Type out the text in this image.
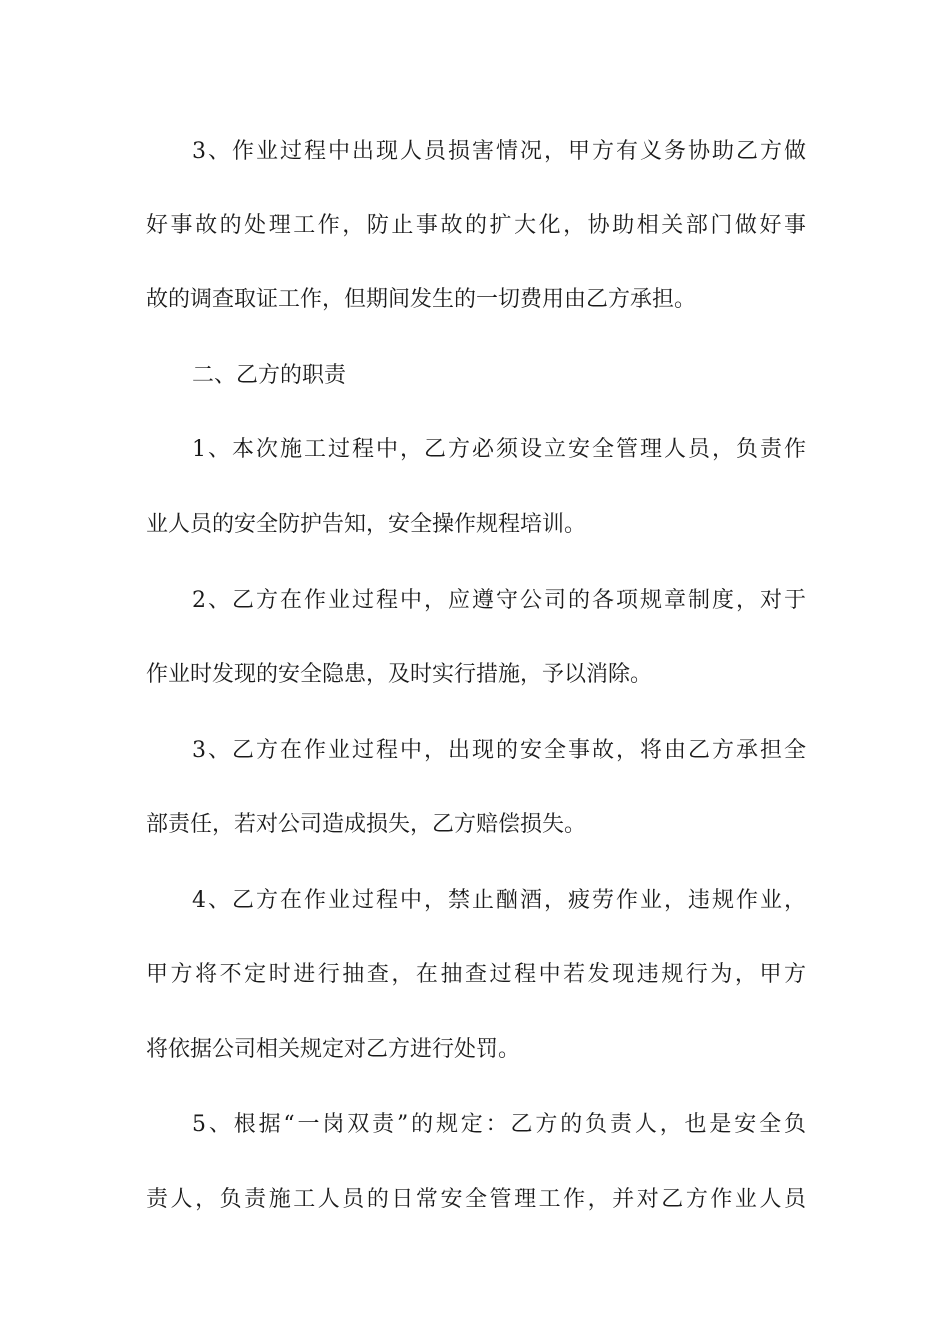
3、作业过程中出现人员损害情况，甲方有义务协助乙方做
好事故的处理工作，防止事故的扩大化，协助相关部门做好事
故的调查取证工作，但期间发生的一切费用由乙方承担。
二、乙方的职责
1、本次施工过程中，乙方必须设立安全管理人员，负责作
业人员的安全防护告知，安全操作规程培训。
2、乙方在作业过程中，应遵守公司的各项规章制度，对于
作业时发现的安全隐患，及时实行措施，予以消除。
3、乙方在作业过程中，出现的安全事故，将由乙方承担全
部责任，若对公司造成损失，乙方赔偿损失。
4、乙方在作业过程中，禁止酗酒，疲劳作业，违规作业，
甲方将不定时进行抽查，在抽查过程中若发现违规行为，甲方
将依据公司相关规定对乙方进行处罚。
5、根据“一岗双责”的规定：乙方的负责人，也是安全负
责人，负责施工人员的日常安全管理工作，并对乙方作业人员
